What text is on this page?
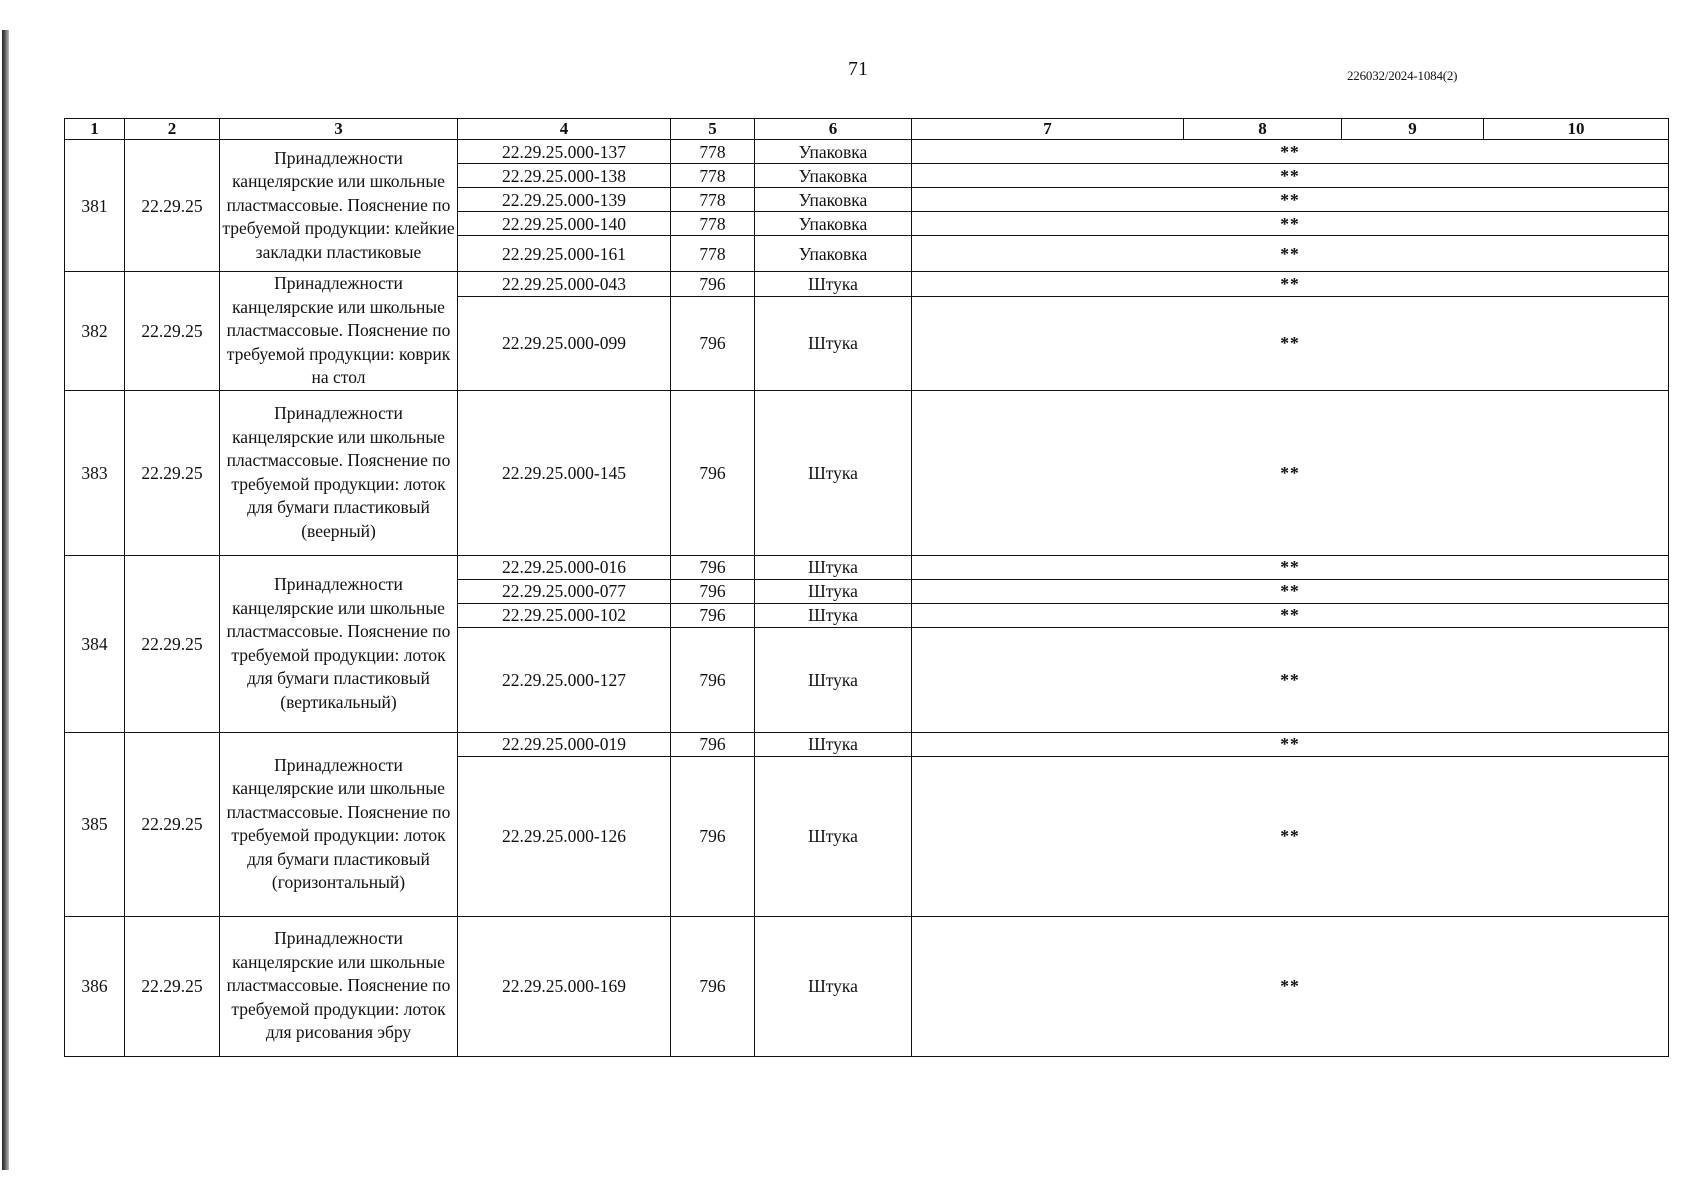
71	226032/2024-1084(2)
1	2	3	4	5	6	7	8	9	10
381	22.29.25	Принадлежности канцелярские или школьные пластмассовые. Пояснение по требуемой продукции: клейкие закладки пластиковые	22.29.25.000-137	778	Упаковка	**			
			22.29.25.000-138	778	Упаковка	**			
			22.29.25.000-139	778	Упаковка	**			
			22.29.25.000-140	778	Упаковка	**			
			22.29.25.000-161	778	Упаковка	**			
382	22.29.25	Принадлежности канцелярские или школьные пластмассовые. Пояснение по требуемой продукции: коврик на стол	22.29.25.000-043	796	Штука	**			
			22.29.25.000-099	796	Штука	**			
383	22.29.25	Принадлежности канцелярские или школьные пластмассовые. Пояснение по требуемой продукции: лоток для бумаги пластиковый (веерный)	22.29.25.000-145	796	Штука	**			
384	22.29.25	Принадлежности канцелярские или школьные пластмассовые. Пояснение по требуемой продукции: лоток для бумаги пластиковый (вертикальный)	22.29.25.000-016	796	Штука	**			
			22.29.25.000-077	796	Штука	**			
			22.29.25.000-102	796	Штука	**			
			22.29.25.000-127	796	Штука	**			
385	22.29.25	Принадлежности канцелярские или школьные пластмассовые. Пояснение по требуемой продукции: лоток для бумаги пластиковый (горизонтальный)	22.29.25.000-019	796	Штука	**			
			22.29.25.000-126	796	Штука	**			
386	22.29.25	Принадлежности канцелярские или школьные пластмассовые. Пояснение по требуемой продукции: лоток для рисования эбру	22.29.25.000-169	796	Штука	**			
